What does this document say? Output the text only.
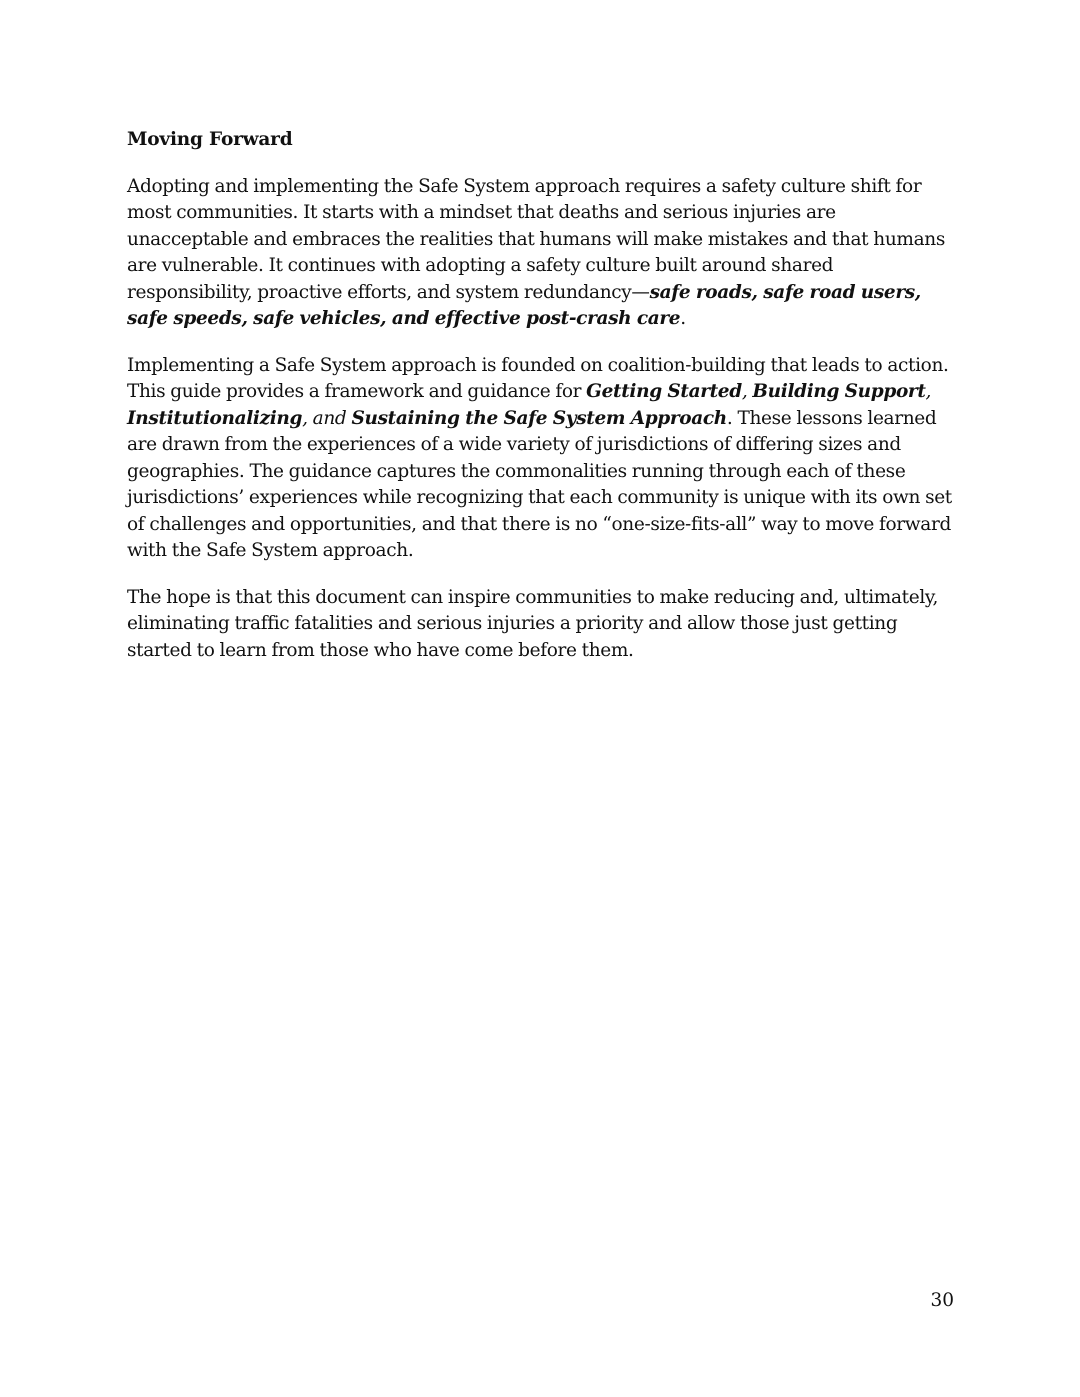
Moving Forward

Adopting and implementing the Safe System approach requires a safety culture shift for most communities. It starts with a mindset that deaths and serious injuries are unacceptable and embraces the realities that humans will make mistakes and that humans are vulnerable. It continues with adopting a safety culture built around shared responsibility, proactive efforts, and system redundancy—safe roads, safe road users, safe speeds, safe vehicles, and effective post-crash care.

Implementing a Safe System approach is founded on coalition-building that leads to action. This guide provides a framework and guidance for Getting Started, Building Support, Institutionalizing, and Sustaining the Safe System Approach. These lessons learned are drawn from the experiences of a wide variety of jurisdictions of differing sizes and geographies. The guidance captures the commonalities running through each of these jurisdictions’ experiences while recognizing that each community is unique with its own set of challenges and opportunities, and that there is no “one-size-fits-all” way to move forward with the Safe System approach.

The hope is that this document can inspire communities to make reducing and, ultimately, eliminating traffic fatalities and serious injuries a priority and allow those just getting started to learn from those who have come before them.

30
